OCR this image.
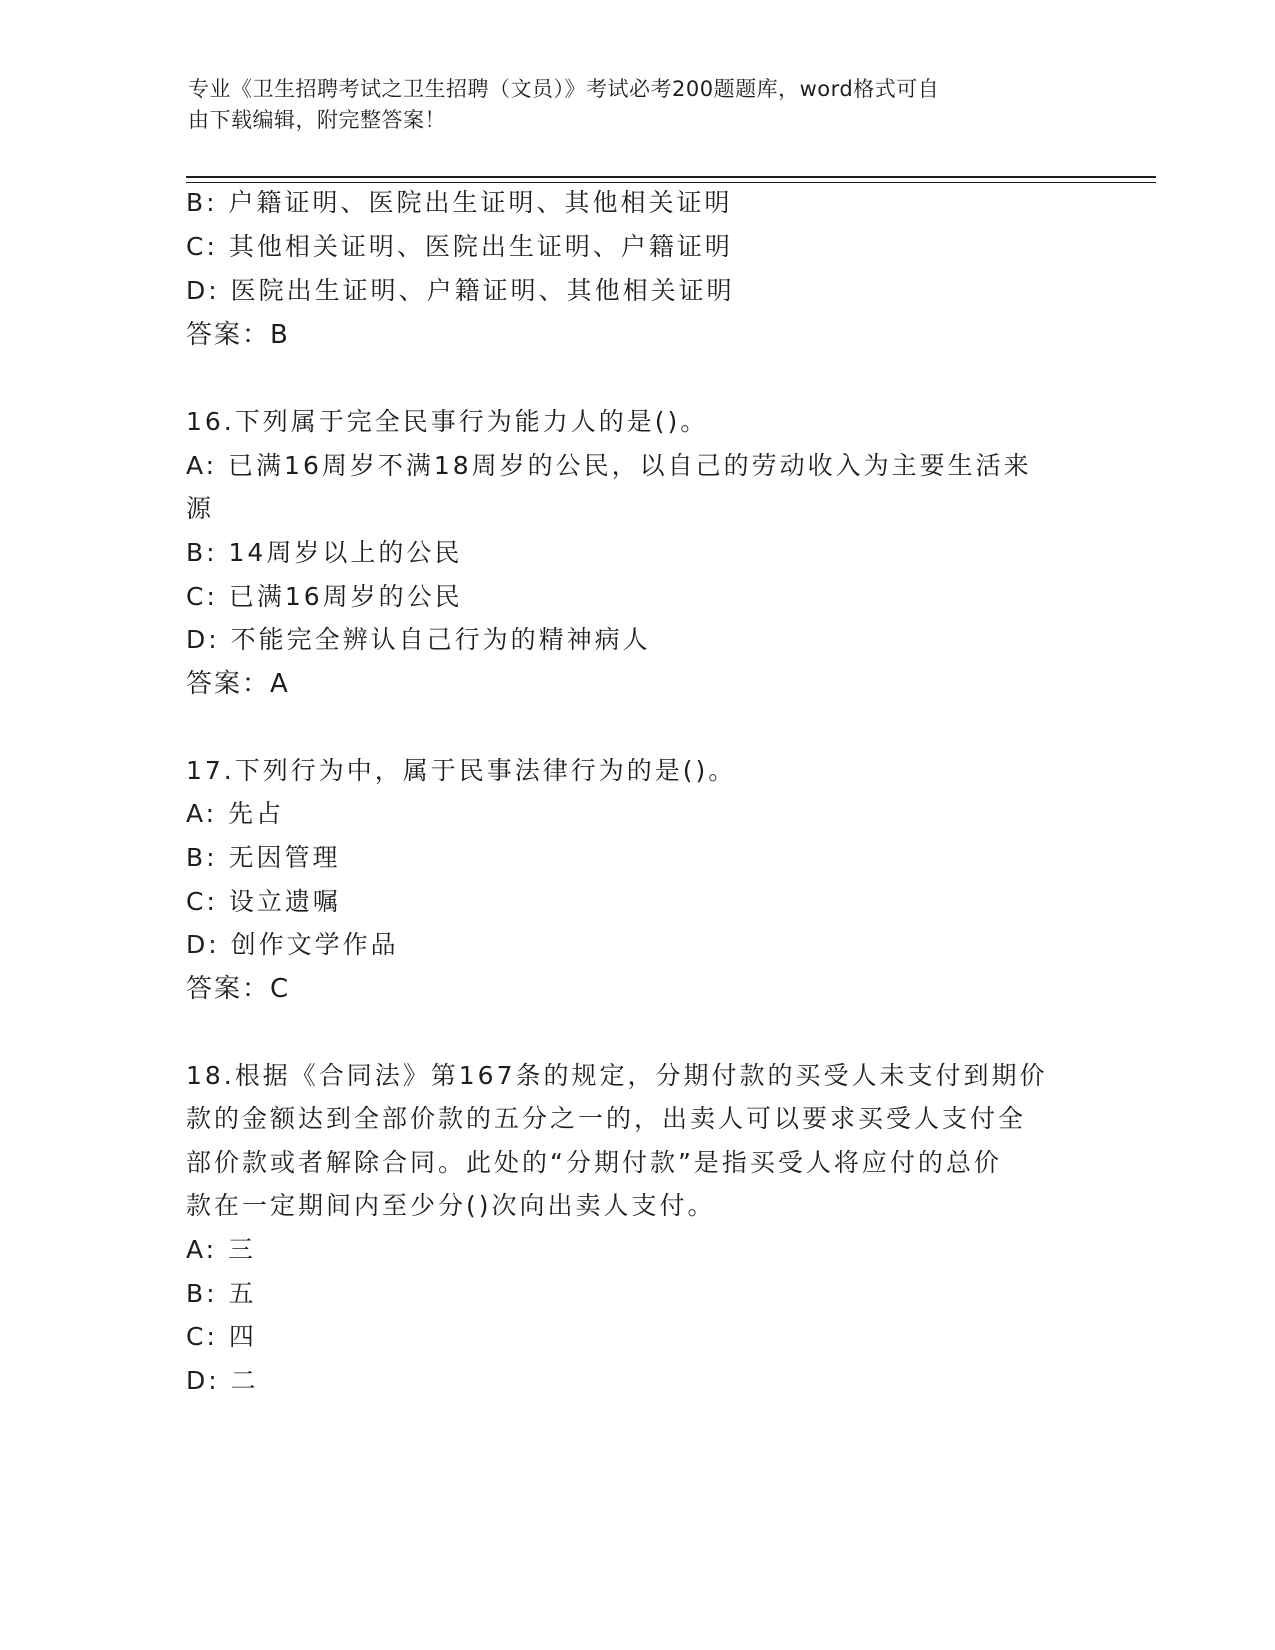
专业《卫生招聘考试之卫生招聘（文员）》考试必考200题题库，word格式可自
由下载编辑，附完整答案！
B: 户籍证明、医院出生证明、其他相关证明
C: 其他相关证明、医院出生证明、户籍证明
D: 医院出生证明、户籍证明、其他相关证明
答案：B
16.下列属于完全民事行为能力人的是()。
A: 已满16周岁不满18周岁的公民，以自己的劳动收入为主要生活来
源
B: 14周岁以上的公民
C: 已满16周岁的公民
D: 不能完全辨认自己行为的精神病人
答案：A
17.下列行为中，属于民事法律行为的是()。
A: 先占
B: 无因管理
C: 设立遗嘱
D: 创作文学作品
答案：C
18.根据《合同法》第167条的规定，分期付款的买受人未支付到期价
款的金额达到全部价款的五分之一的，出卖人可以要求买受人支付全
部价款或者解除合同。此处的“分期付款”是指买受人将应付的总价
款在一定期间内至少分()次向出卖人支付。
A: 三
B: 五
C: 四
D: 二
